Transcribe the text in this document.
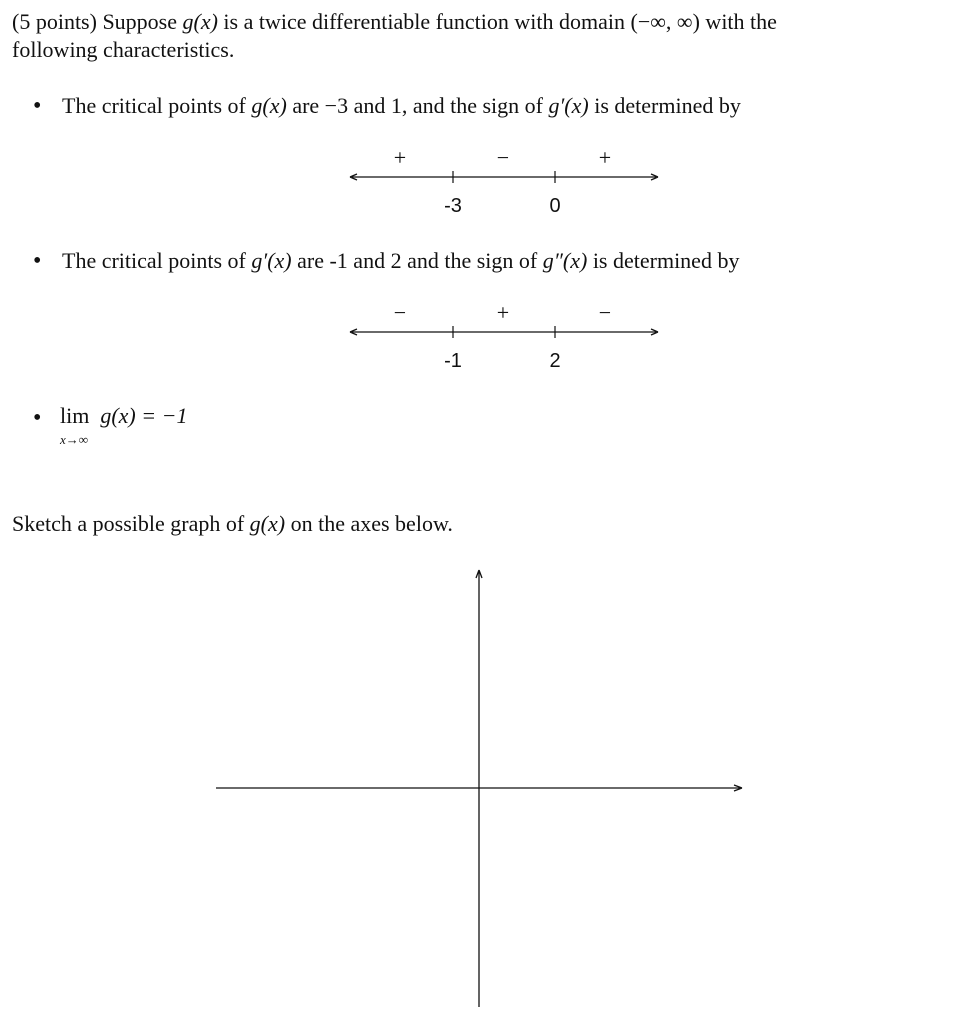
(5 points) Suppose g(x) is a twice differentiable function with domain (−∞, ∞) with the
following characteristics.
• The critical points of g(x) are −3 and 1, and the sign of g′(x) is determined by
+	−	+
-3	0
• The critical points of g′(x) are -1 and 2 and the sign of g″(x) is determined by
−	+	−
-1	2
• lim
x→∞
g(x) = −1
Sketch a possible graph of g(x) on the axes below.
